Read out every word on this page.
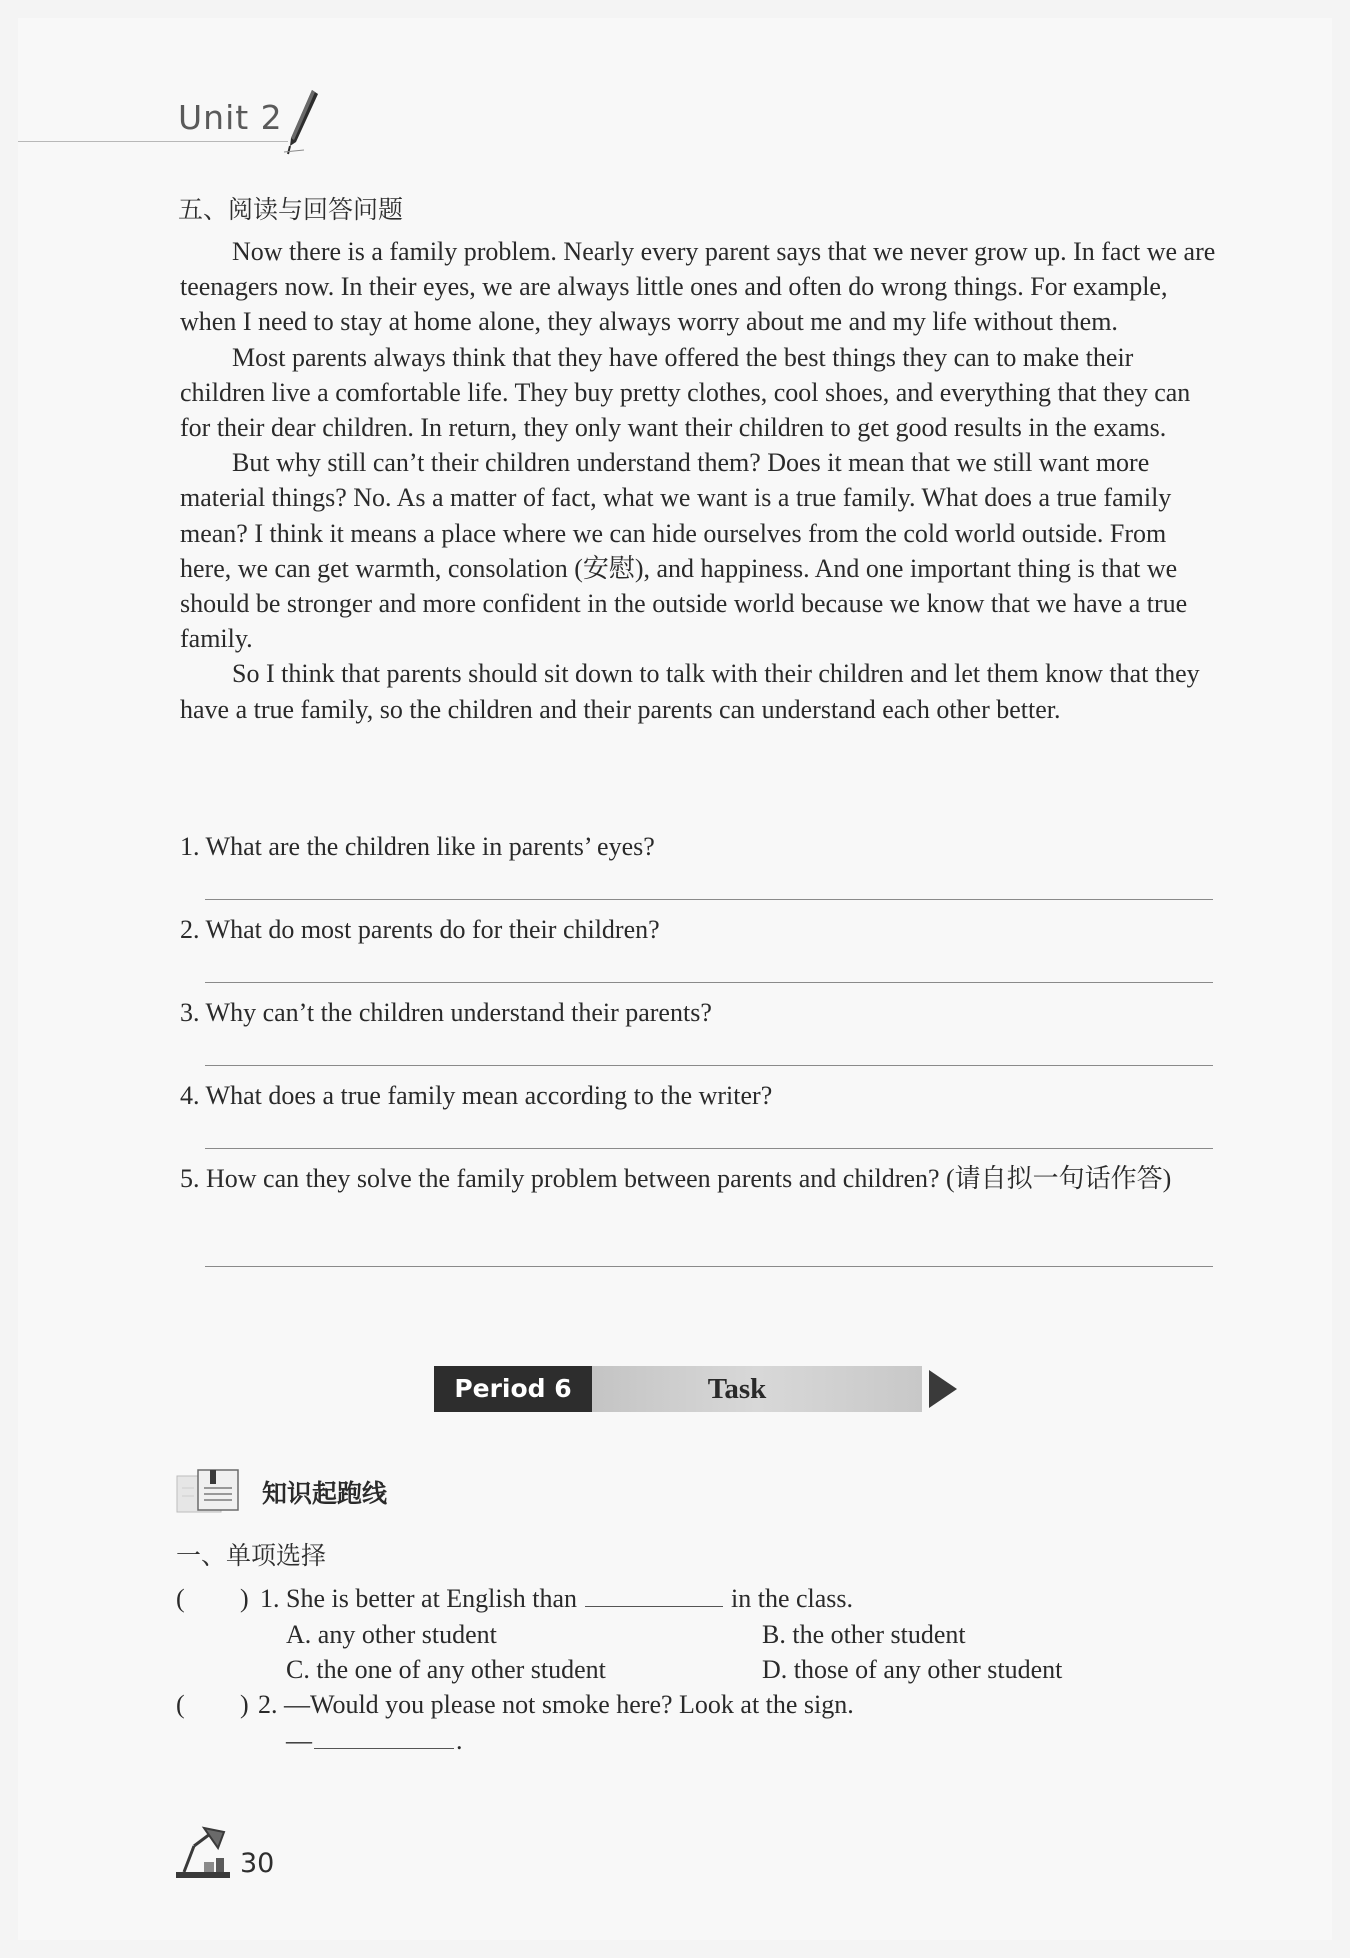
Unit 2
五、阅读与回答问题

Now there is a family problem. Nearly every parent says that we never grow up. In fact we are teenagers now. In their eyes, we are always little ones and often do wrong things. For example, when I need to stay at home alone, they always worry about me and my life without them.

Most parents always think that they have offered the best things they can to make their children live a comfortable life. They buy pretty clothes, cool shoes, and everything that they can for their dear children. In return, they only want their children to get good results in the exams.

But why still can’t their children understand them? Does it mean that we still want more material things? No. As a matter of fact, what we want is a true family. What does a true family mean? I think it means a place where we can hide ourselves from the cold world outside. From here, we can get warmth, consolation (安慰), and happiness. And one important thing is that we should be stronger and more confident in the outside world because we know that we have a true family.

So I think that parents should sit down to talk with their children and let them know that they have a true family, so the children and their parents can understand each other better.

1. What are the children like in parents’ eyes?
2. What do most parents do for their children?
3. Why can’t the children understand their parents?
4. What does a true family mean according to the writer?
5. How can they solve the family problem between parents and children? (请自拟一句话作答)
Period 6	Task
知识起跑线
一、单项选择
( ) 1. She is better at English than	in the class.
A. any other student	B. the other student
C. the one of any other student	D. those of any other student
( ) 2. —Would you please not smoke here? Look at the sign.
—	.
30
